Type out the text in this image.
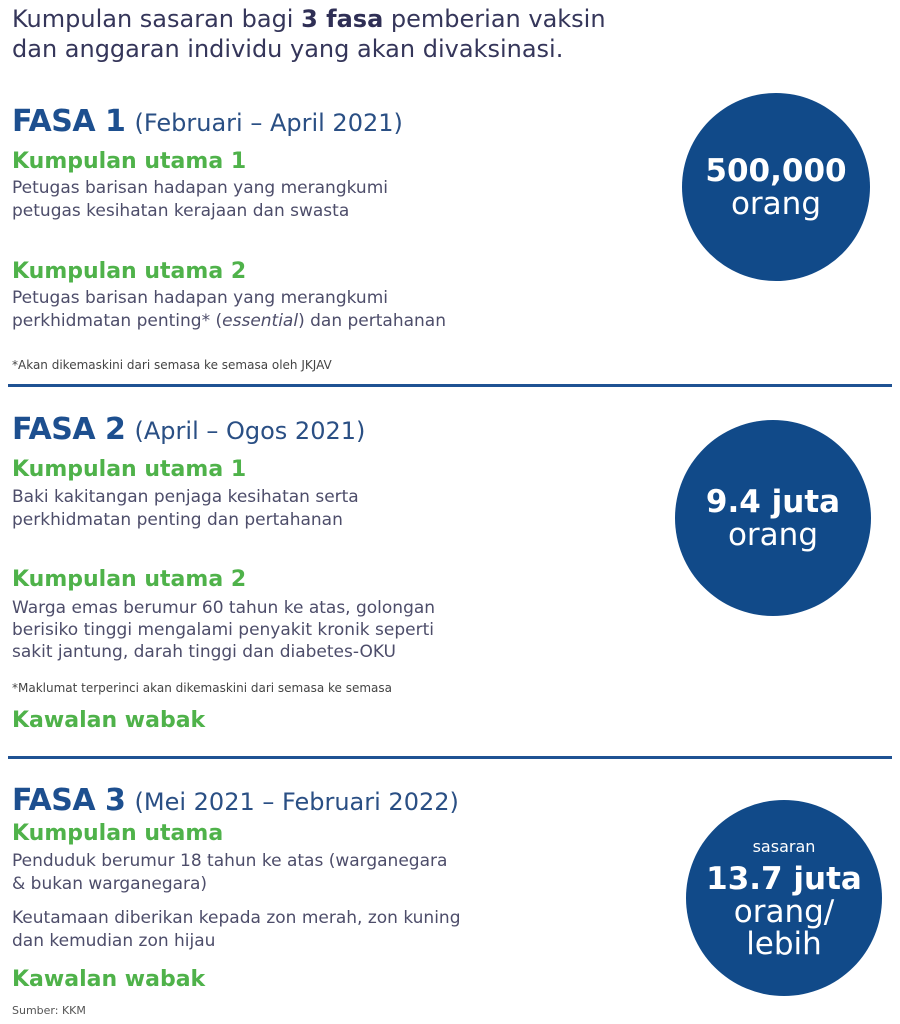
Kumpulan sasaran bagi 3 fasa pemberian vaksin
dan anggaran individu yang akan divaksinasi.
FASA 1 (Februari – April 2021)
Kumpulan utama 1
Petugas barisan hadapan yang merangkumi
petugas kesihatan kerajaan dan swasta
Kumpulan utama 2
Petugas barisan hadapan yang merangkumi
perkhidmatan penting* (essential) dan pertahanan
*Akan dikemaskini dari semasa ke semasa oleh JKJAV
500,000
orang
FASA 2 (April – Ogos 2021)
Kumpulan utama 1
Baki kakitangan penjaga kesihatan serta
perkhidmatan penting dan pertahanan
Kumpulan utama 2
Warga emas berumur 60 tahun ke atas, golongan
berisiko tinggi mengalami penyakit kronik seperti
sakit jantung, darah tinggi dan diabetes-OKU
*Maklumat terperinci akan dikemaskini dari semasa ke semasa
Kawalan wabak
9.4 juta
orang
FASA 3 (Mei 2021 – Februari 2022)
Kumpulan utama
Penduduk berumur 18 tahun ke atas (warganegara
& bukan warganegara)
Keutamaan diberikan kepada zon merah, zon kuning
dan kemudian zon hijau
Kawalan wabak
sasaran
13.7 juta
orang/
lebih
Sumber: KKM
